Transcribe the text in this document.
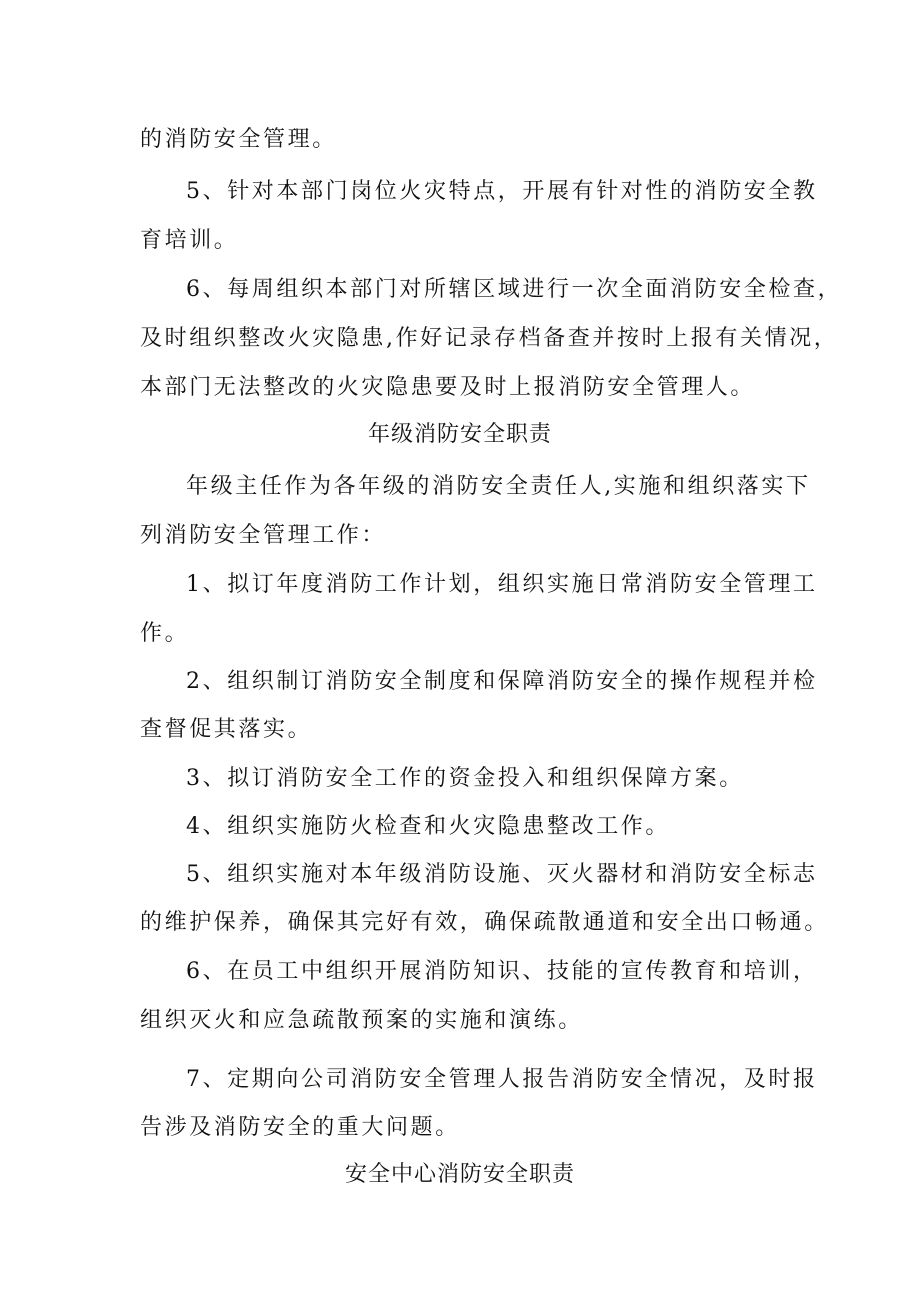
的消防安全管理。
5、针对本部门岗位火灾特点，开展有针对性的消防安全教
育培训。
6、每周组织本部门对所辖区域进行一次全面消防安全检查，
及时组织整改火灾隐患,作好记录存档备查并按时上报有关情况，
本部门无法整改的火灾隐患要及时上报消防安全管理人。
年级消防安全职责
年级主任作为各年级的消防安全责任人,实施和组织落实下
列消防安全管理工作：
1、拟订年度消防工作计划，组织实施日常消防安全管理工
作。
2、组织制订消防安全制度和保障消防安全的操作规程并检
查督促其落实。
3、拟订消防安全工作的资金投入和组织保障方案。
4、组织实施防火检查和火灾隐患整改工作。
5、组织实施对本年级消防设施、灭火器材和消防安全标志
的维护保养，确保其完好有效，确保疏散通道和安全出口畅通。
6、在员工中组织开展消防知识、技能的宣传教育和培训，
组织灭火和应急疏散预案的实施和演练。
7、定期向公司消防安全管理人报告消防安全情况，及时报
告涉及消防安全的重大问题。
安全中心消防安全职责
